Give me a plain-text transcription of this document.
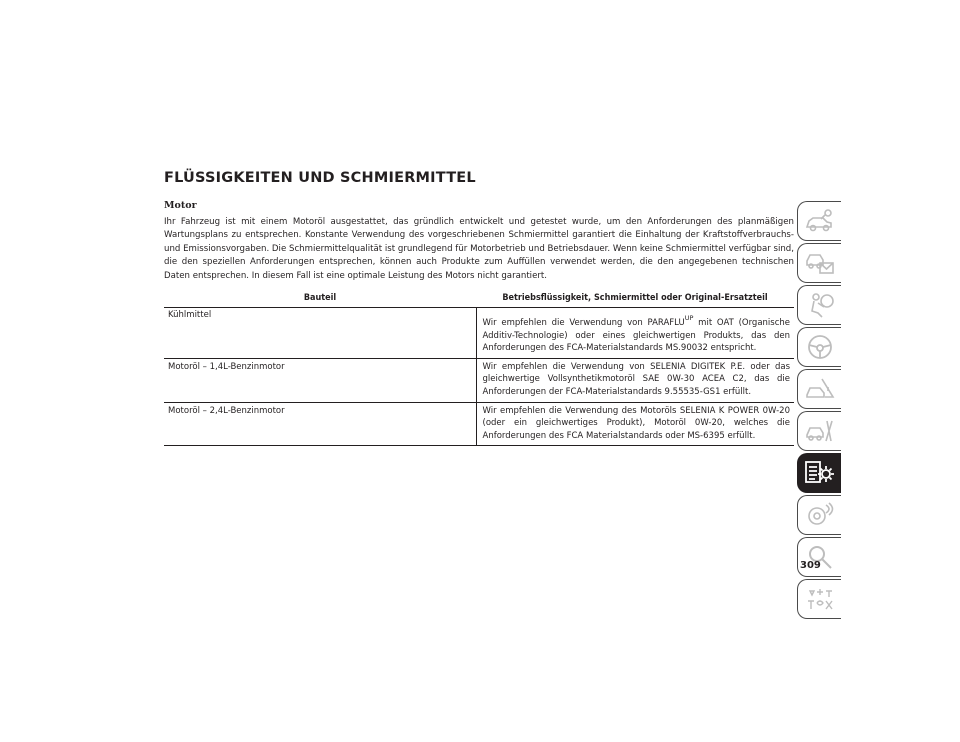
FLÜSSIGKEITEN UND SCHMIERMITTEL
Motor

Ihr Fahrzeug ist mit einem Motoröl ausgestattet, das gründlich entwickelt und getestet wurde, um den Anforderungen des planmäßigen Wartungsplans zu entsprechen. Konstante Verwendung des vorgeschriebenen Schmiermittel garantiert die Einhaltung der Kraftstoffverbrauchs- und Emissionsvorgaben. Die Schmiermittelqualität ist grundlegend für Motorbetrieb und Betriebsdauer. Wenn keine Schmiermittel verfügbar sind, die den speziellen Anforderungen entsprechen, können auch Produkte zum Auffüllen verwendet werden, die den angegebenen technischen Daten entsprechen. In diesem Fall ist eine optimale Leistung des Motors nicht garantiert.

Bauteil	Betriebsflüssigkeit, Schmiermittel oder Original-Ersatzteil
Kühlmittel	Wir empfehlen die Verwendung von $PARAFLU^{UP}$ mit OAT (Organische Additiv-Technologie) oder eines gleichwertigen Produkts, das den Anforderungen des FCA-Materialstandards MS.90032 entspricht.
Motoröl – 1,4L-Benzinmotor	Wir empfehlen die Verwendung von SELENIA DIGITEK P.E. oder das gleichwertige Vollsynthetikmotoröl SAE 0W-30 ACEA C2, das die Anforderungen der FCA-Materialstandards 9.55535-GS1 erfüllt.
Motoröl – 2,4L-Benzinmotor	Wir empfehlen die Verwendung des Motoröls SELENIA K POWER 0W-20 (oder ein gleichwertiges Produkt), Motoröl 0W-20, welches die Anforderungen des FCA Materialstandards oder MS-6395 erfüllt.
309
